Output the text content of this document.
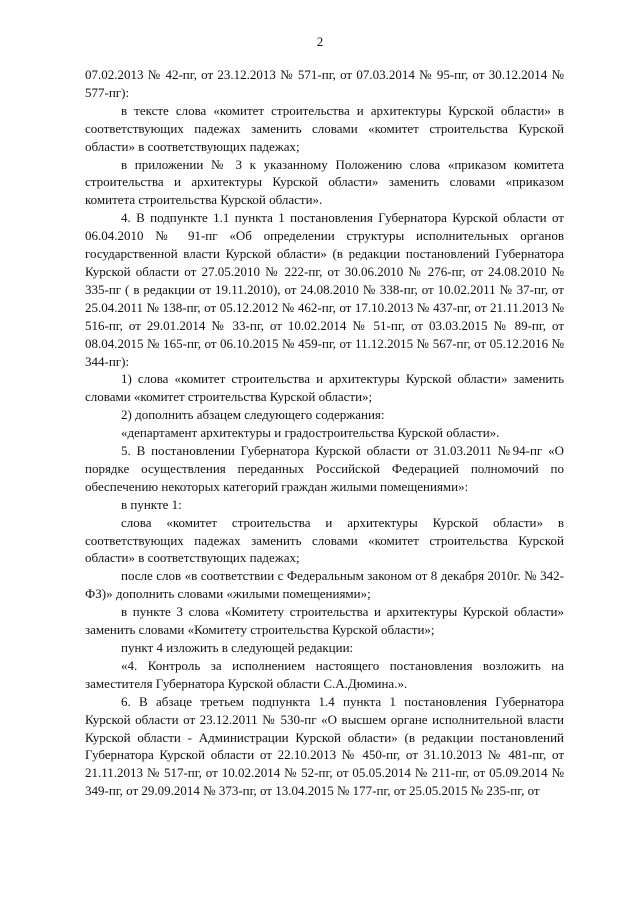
2

07.02.2013 № 42-пг, от 23.12.2013 № 571-пг, от 07.03.2014 № 95-пг, от 30.12.2014 № 577-пг):

в тексте слова «комитет строительства и архитектуры Курской области» в соответствующих падежах заменить словами «комитет строительства Курской области» в соответствующих падежах;

в приложении № 3 к указанному Положению слова «приказом комитета строительства и архитектуры Курской области» заменить словами «приказом комитета строительства Курской области».

4. В подпункте 1.1 пункта 1 постановления Губернатора Курской области от 06.04.2010 № 91-пг «Об определении структуры исполнительных органов государственной власти Курской области» (в редакции постановлений Губернатора Курской области от 27.05.2010 № 222-пг, от 30.06.2010 № 276-пг, от 24.08.2010 № 335-пг ( в редакции от 19.11.2010), от 24.08.2010 № 338-пг, от 10.02.2011 № 37-пг, от 25.04.2011 № 138-пг, от 05.12.2012 № 462-пг, от 17.10.2013 № 437-пг, от 21.11.2013 № 516-пг, от 29.01.2014 № 33-пг, от 10.02.2014 № 51-пг, от 03.03.2015 № 89-пг, от 08.04.2015 № 165-пг, от 06.10.2015 № 459-пг, от 11.12.2015 № 567-пг, от 05.12.2016 № 344-пг):

1) слова «комитет строительства и архитектуры Курской области» заменить словами «комитет строительства Курской области»;

2) дополнить абзацем следующего содержания:

«департамент архитектуры и градостроительства Курской области».

5. В постановлении Губернатора Курской области от 31.03.2011 №94-пг «О порядке осуществления переданных Российской Федерацией полномочий по обеспечению некоторых категорий граждан жилыми помещениями»:

в пункте 1:

слова «комитет строительства и архитектуры Курской области» в соответствующих падежах заменить словами «комитет строительства Курской области» в соответствующих падежах;

после слов «в соответствии с Федеральным законом от 8 декабря 2010г. № 342-ФЗ)» дополнить словами «жилыми помещениями»;

в пункте 3 слова «Комитету строительства и архитектуры Курской области» заменить словами «Комитету строительства Курской области»;

пункт 4 изложить в следующей редакции:

«4. Контроль за исполнением настоящего постановления возложить на заместителя Губернатора Курской области С.А.Дюмина.».

6. В абзаце третьем подпункта 1.4 пункта 1 постановления Губернатора Курской области от 23.12.2011 № 530-пг «О высшем органе исполнительной власти Курской области - Администрации Курской области» (в редакции постановлений Губернатора Курской области от 22.10.2013 № 450-пг, от 31.10.2013 № 481-пг, от 21.11.2013 № 517-пг, от 10.02.2014 № 52-пг, от 05.05.2014 № 211-пг, от 05.09.2014 № 349-пг, от 29.09.2014 № 373-пг, от 13.04.2015 № 177-пг, от 25.05.2015 № 235-пг, от
